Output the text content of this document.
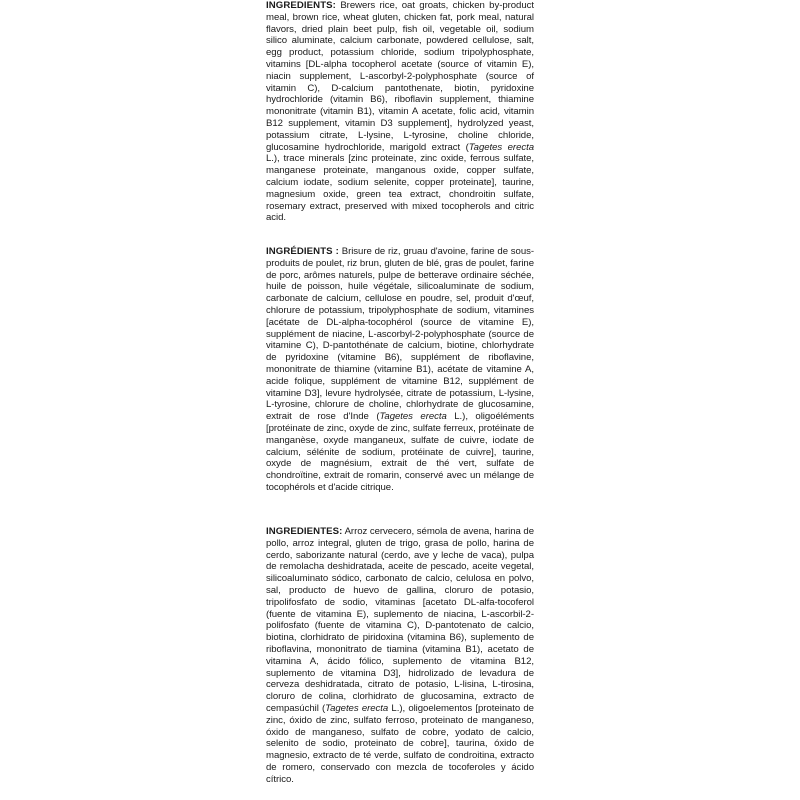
INGREDIENTS: Brewers rice, oat groats, chicken by-product meal, brown rice, wheat gluten, chicken fat, pork meal, natural flavors, dried plain beet pulp, fish oil, vegetable oil, sodium silico aluminate, calcium carbonate, powdered cellulose, salt, egg product, potassium chloride, sodium tripolyphosphate, vitamins [DL-alpha tocopherol acetate (source of vitamin E), niacin supplement, L-ascorbyl-2-polyphosphate (source of vitamin C), D-calcium pantothenate, biotin, pyridoxine hydrochloride (vitamin B6), riboflavin supplement, thiamine mononitrate (vitamin B1), vitamin A acetate, folic acid, vitamin B12 supplement, vitamin D3 supplement], hydrolyzed yeast, potassium citrate, L-lysine, L-tyrosine, choline chloride, glucosamine hydrochloride, marigold extract (Tagetes erecta L.), trace minerals [zinc proteinate, zinc oxide, ferrous sulfate, manganese proteinate, manganous oxide, copper sulfate, calcium iodate, sodium selenite, copper proteinate], taurine, magnesium oxide, green tea extract, chondroitin sulfate, rosemary extract, preserved with mixed tocopherols and citric acid.

INGRÉDIENTS : Brisure de riz, gruau d'avoine, farine de sous-produits de poulet, riz brun, gluten de blé, gras de poulet, farine de porc, arômes naturels, pulpe de betterave ordinaire séchée, huile de poisson, huile végétale, silicoaluminate de sodium, carbonate de calcium, cellulose en poudre, sel, produit d'œuf, chlorure de potassium, tripolyphosphate de sodium, vitamines [acétate de DL-alpha-tocophérol (source de vitamine E), supplément de niacine, L-ascorbyl-2-polyphosphate (source de vitamine C), D-pantothénate de calcium, biotine, chlorhydrate de pyridoxine (vitamine B6), supplément de riboflavine, mononitrate de thiamine (vitamine B1), acétate de vitamine A, acide folique, supplément de vitamine B12, supplément de vitamine D3], levure hydrolysée, citrate de potassium, L-lysine, L-tyrosine, chlorure de choline, chlorhydrate de glucosamine, extrait de rose d'Inde (Tagetes erecta L.), oligoéléments [protéinate de zinc, oxyde de zinc, sulfate ferreux, protéinate de manganèse, oxyde manganeux, sulfate de cuivre, iodate de calcium, sélénite de sodium, protéinate de cuivre], taurine, oxyde de magnésium, extrait de thé vert, sulfate de chondroïtine, extrait de romarin, conservé avec un mélange de tocophérols et d'acide citrique.

INGREDIENTES: Arroz cervecero, sémola de avena, harina de pollo, arroz integral, gluten de trigo, grasa de pollo, harina de cerdo, saborizante natural (cerdo, ave y leche de vaca), pulpa de remolacha deshidratada, aceite de pescado, aceite vegetal, silicoaluminato sódico, carbonato de calcio, celulosa en polvo, sal, producto de huevo de gallina, cloruro de potasio, tripolifosfato de sodio, vitaminas [acetato DL-alfa-tocoferol (fuente de vitamina E), suplemento de niacina, L-ascorbil-2-polifosfato (fuente de vitamina C), D-pantotenato de calcio, biotina, clorhidrato de piridoxina (vitamina B6), suplemento de riboflavina, mononitrato de tiamina (vitamina B1), acetato de vitamina A, ácido fólico, suplemento de vitamina B12, suplemento de vitamina D3], hidrolizado de levadura de cerveza deshidratada, citrato de potasio, L-lisina, L-tirosina, cloruro de colina, clorhidrato de glucosamina, extracto de cempasúchil (Tagetes erecta L.), oligoelementos [proteinato de zinc, óxido de zinc, sulfato ferroso, proteinato de manganeso, óxido de manganeso, sulfato de cobre, yodato de calcio, selenito de sodio, proteinato de cobre], taurina, óxido de magnesio, extracto de té verde, sulfato de condroitina, extracto de romero, conservado con mezcla de tocoferoles y ácido cítrico.
